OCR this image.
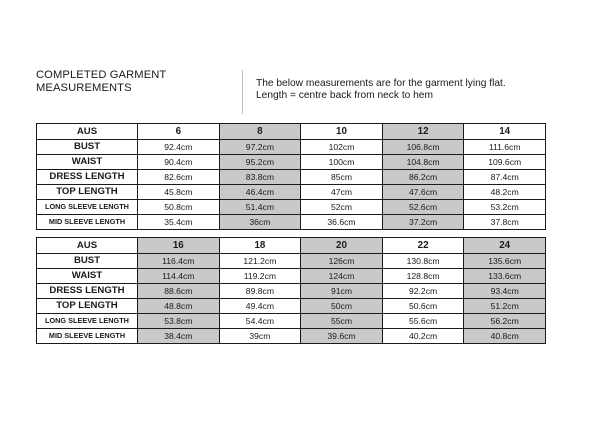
COMPLETED GARMENT
MEASUREMENTS	The below measurements are for the garment lying flat.
Length = centre back from neck to hem
AUS	6	8	10	12	14
BUST	92.4cm	97.2cm	102cm	106.8cm	111.6cm
WAIST	90.4cm	95.2cm	100cm	104.8cm	109.6cm
DRESS LENGTH	82.6cm	83.8cm	85cm	86.2cm	87.4cm
TOP LENGTH	45.8cm	46.4cm	47cm	47.6cm	48.2cm
LONG SLEEVE LENGTH	50.8cm	51.4cm	52cm	52.6cm	53.2cm
MID SLEEVE LENGTH	35.4cm	36cm	36.6cm	37.2cm	37.8cm
AUS	16	18	20	22	24
BUST	116.4cm	121.2cm	126cm	130.8cm	135.6cm
WAIST	114.4cm	119.2cm	124cm	128.8cm	133.6cm
DRESS LENGTH	88.6cm	89.8cm	91cm	92.2cm	93.4cm
TOP LENGTH	48.8cm	49.4cm	50cm	50.6cm	51.2cm
LONG SLEEVE LENGTH	53.8cm	54.4cm	55cm	55.6cm	56.2cm
MID SLEEVE LENGTH	38.4cm	39cm	39.6cm	40.2cm	40.8cm
